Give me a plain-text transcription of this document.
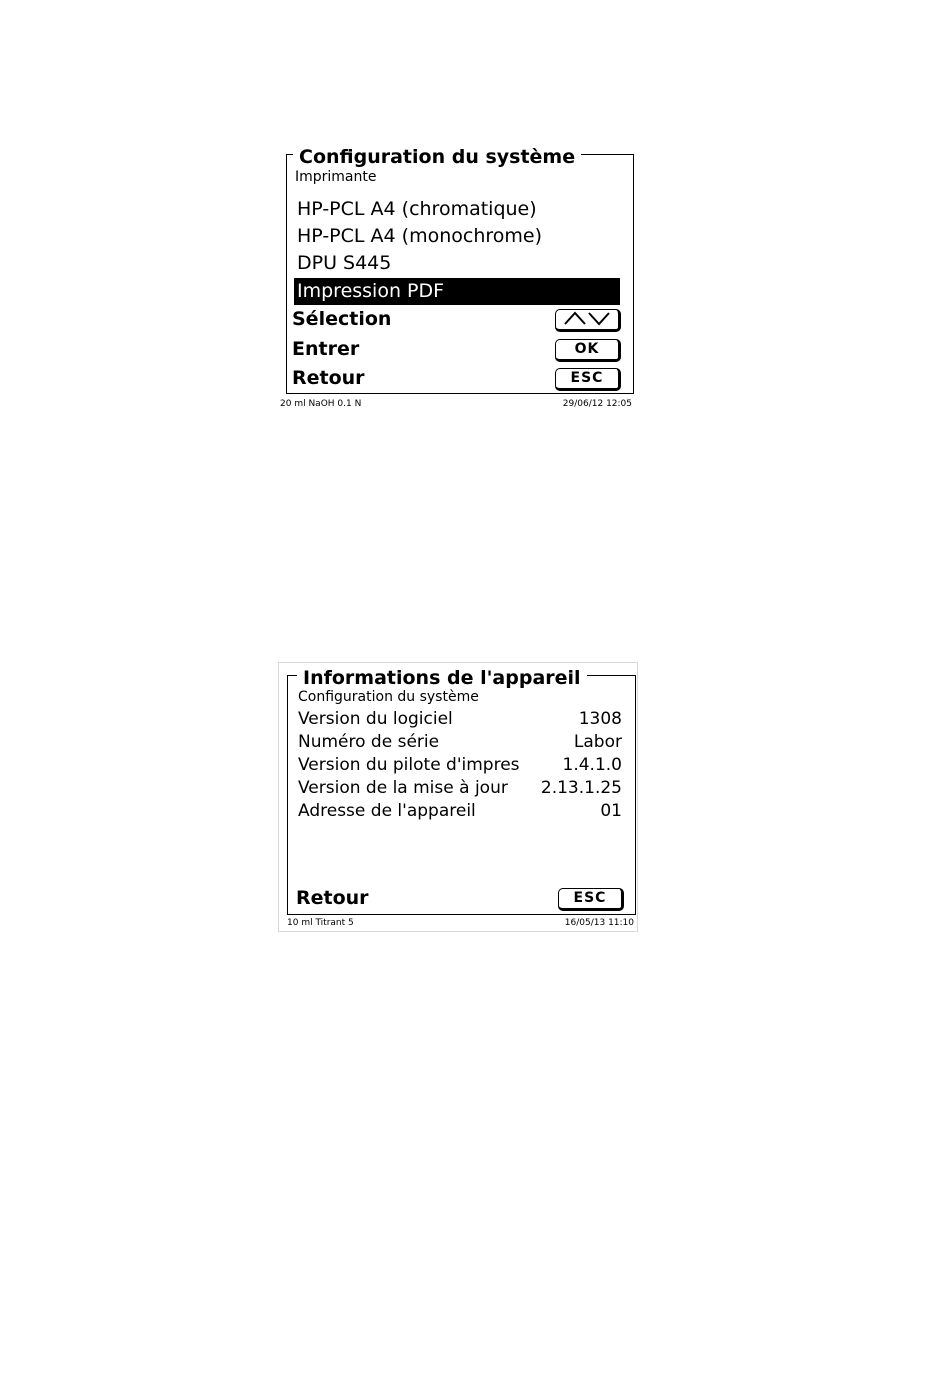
Configuration du système
Imprimante
HP-PCL A4 (chromatique)
HP-PCL A4 (monochrome)
DPU S445
Impression PDF
Sélection
Entrer	OK
Retour	ESC
20 ml NaOH 0.1 N	29/06/12 12:05
Informations de l'appareil
Configuration du système
Version du logiciel	1308
Numéro de série	Labor
Version du pilote d'impres	1.4.1.0
Version de la mise à jour 2.13.1.25
Adresse de l'appareil	01
Retour	ESC
10 ml Titrant 5	16/05/13 11:10
